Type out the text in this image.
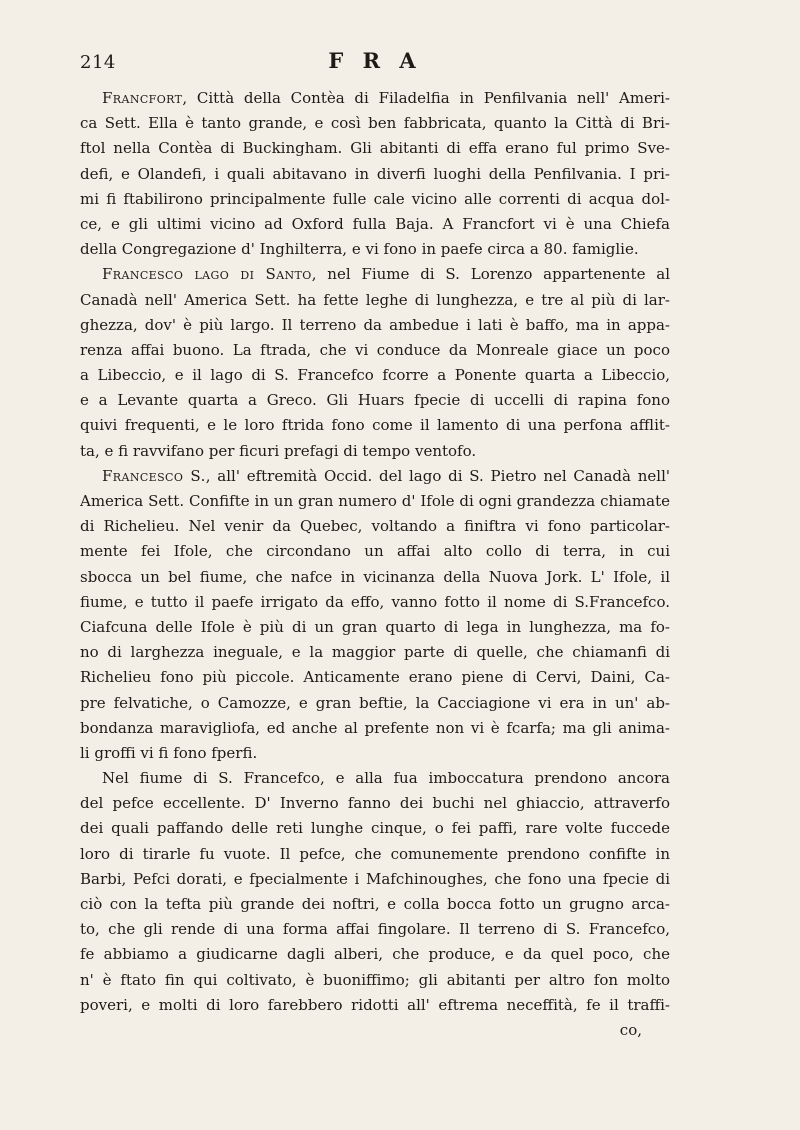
214	F R A
Francfort, Città della Contèa di Filadelfia in Penfilvania nell' Ameri-
ca Sett. Ella è tanto grande, e così ben fabbricata, quanto la Città di Bri-
ftol nella Contèa di Buckingham. Gli abitanti di effa erano ful primo Sve-
defi, e Olandefi, i quali abitavano in diverfi luoghi della Penfilvania. I pri-
mi fi ftabilirono principalmente fulle cale vicino alle correnti di acqua dol-
ce, e gli ultimi vicino ad Oxford fulla Baja. A Francfort vi è una Chiefa
della Congregazione d' Inghilterra, e vi fono in paefe circa a 80. famiglie.
Francesco lago di Santo, nel Fiume di S. Lorenzo appartenente al
Canadà nell' America Sett. ha fette leghe di lunghezza, e tre al più di lar-
ghezza, dov' è più largo. Il terreno da ambedue i lati è baffo, ma in appa-
renza affai buono. La ftrada, che vi conduce da Monreale giace un poco
a Libeccio, e il lago di S. Francefco fcorre a Ponente quarta a Libeccio,
e a Levante quarta a Greco. Gli Huars fpecie di uccelli di rapina fono
quivi frequenti, e le loro ftrida fono come il lamento di una perfona afflit-
ta, e fi ravvifano per ficuri prefagi di tempo ventofo.
Francesco S., all' eftremità Occid. del lago di S. Pietro nel Canadà nell'
America Sett. Confifte in un gran numero d' Ifole di ogni grandezza chiamate
di Richelieu. Nel venir da Quebec, voltando a finiftra vi fono particolar-
mente fei Ifole, che circondano un affai alto collo di terra, in cui
sbocca un bel fiume, che nafce in vicinanza della Nuova Jork. L' Ifole, il
fiume, e tutto il paefe irrigato da effo, vanno fotto il nome di S.Francefco.
Ciafcuna delle Ifole è più di un gran quarto di lega in lunghezza, ma fo-
no di larghezza ineguale, e la maggior parte di quelle, che chiamanfi di
Richelieu fono più piccole. Anticamente erano piene di Cervi, Daini, Ca-
pre felvatiche, o Camozze, e gran beftie, la Cacciagione vi era in un' ab-
bondanza maravigliofa, ed anche al prefente non vi è fcarfa; ma gli anima-
li groffi vi fi fono fperfi.
Nel fiume di S. Francefco, e alla fua imboccatura prendono ancora
del pefce eccellente. D' Inverno fanno dei buchi nel ghiaccio, attraverfo
dei quali paffando delle reti lunghe cinque, o fei paffi, rare volte fuccede
loro di tirarle fu vuote. Il pefce, che comunemente prendono confifte in
Barbi, Pefci dorati, e fpecialmente i Mafchinoughes, che fono una fpecie di
ciò con la tefta più grande dei noftri, e colla bocca fotto un grugno arca-
to, che gli rende di una forma affai fingolare. Il terreno di S. Francefco,
fe abbiamo a giudicarne dagli alberi, che produce, e da quel poco, che
n' è ftato fin qui coltivato, è buoniffimo; gli abitanti per altro fon molto
poveri, e molti di loro farebbero ridotti all' eftrema neceffità, fe il traffi-
co,
